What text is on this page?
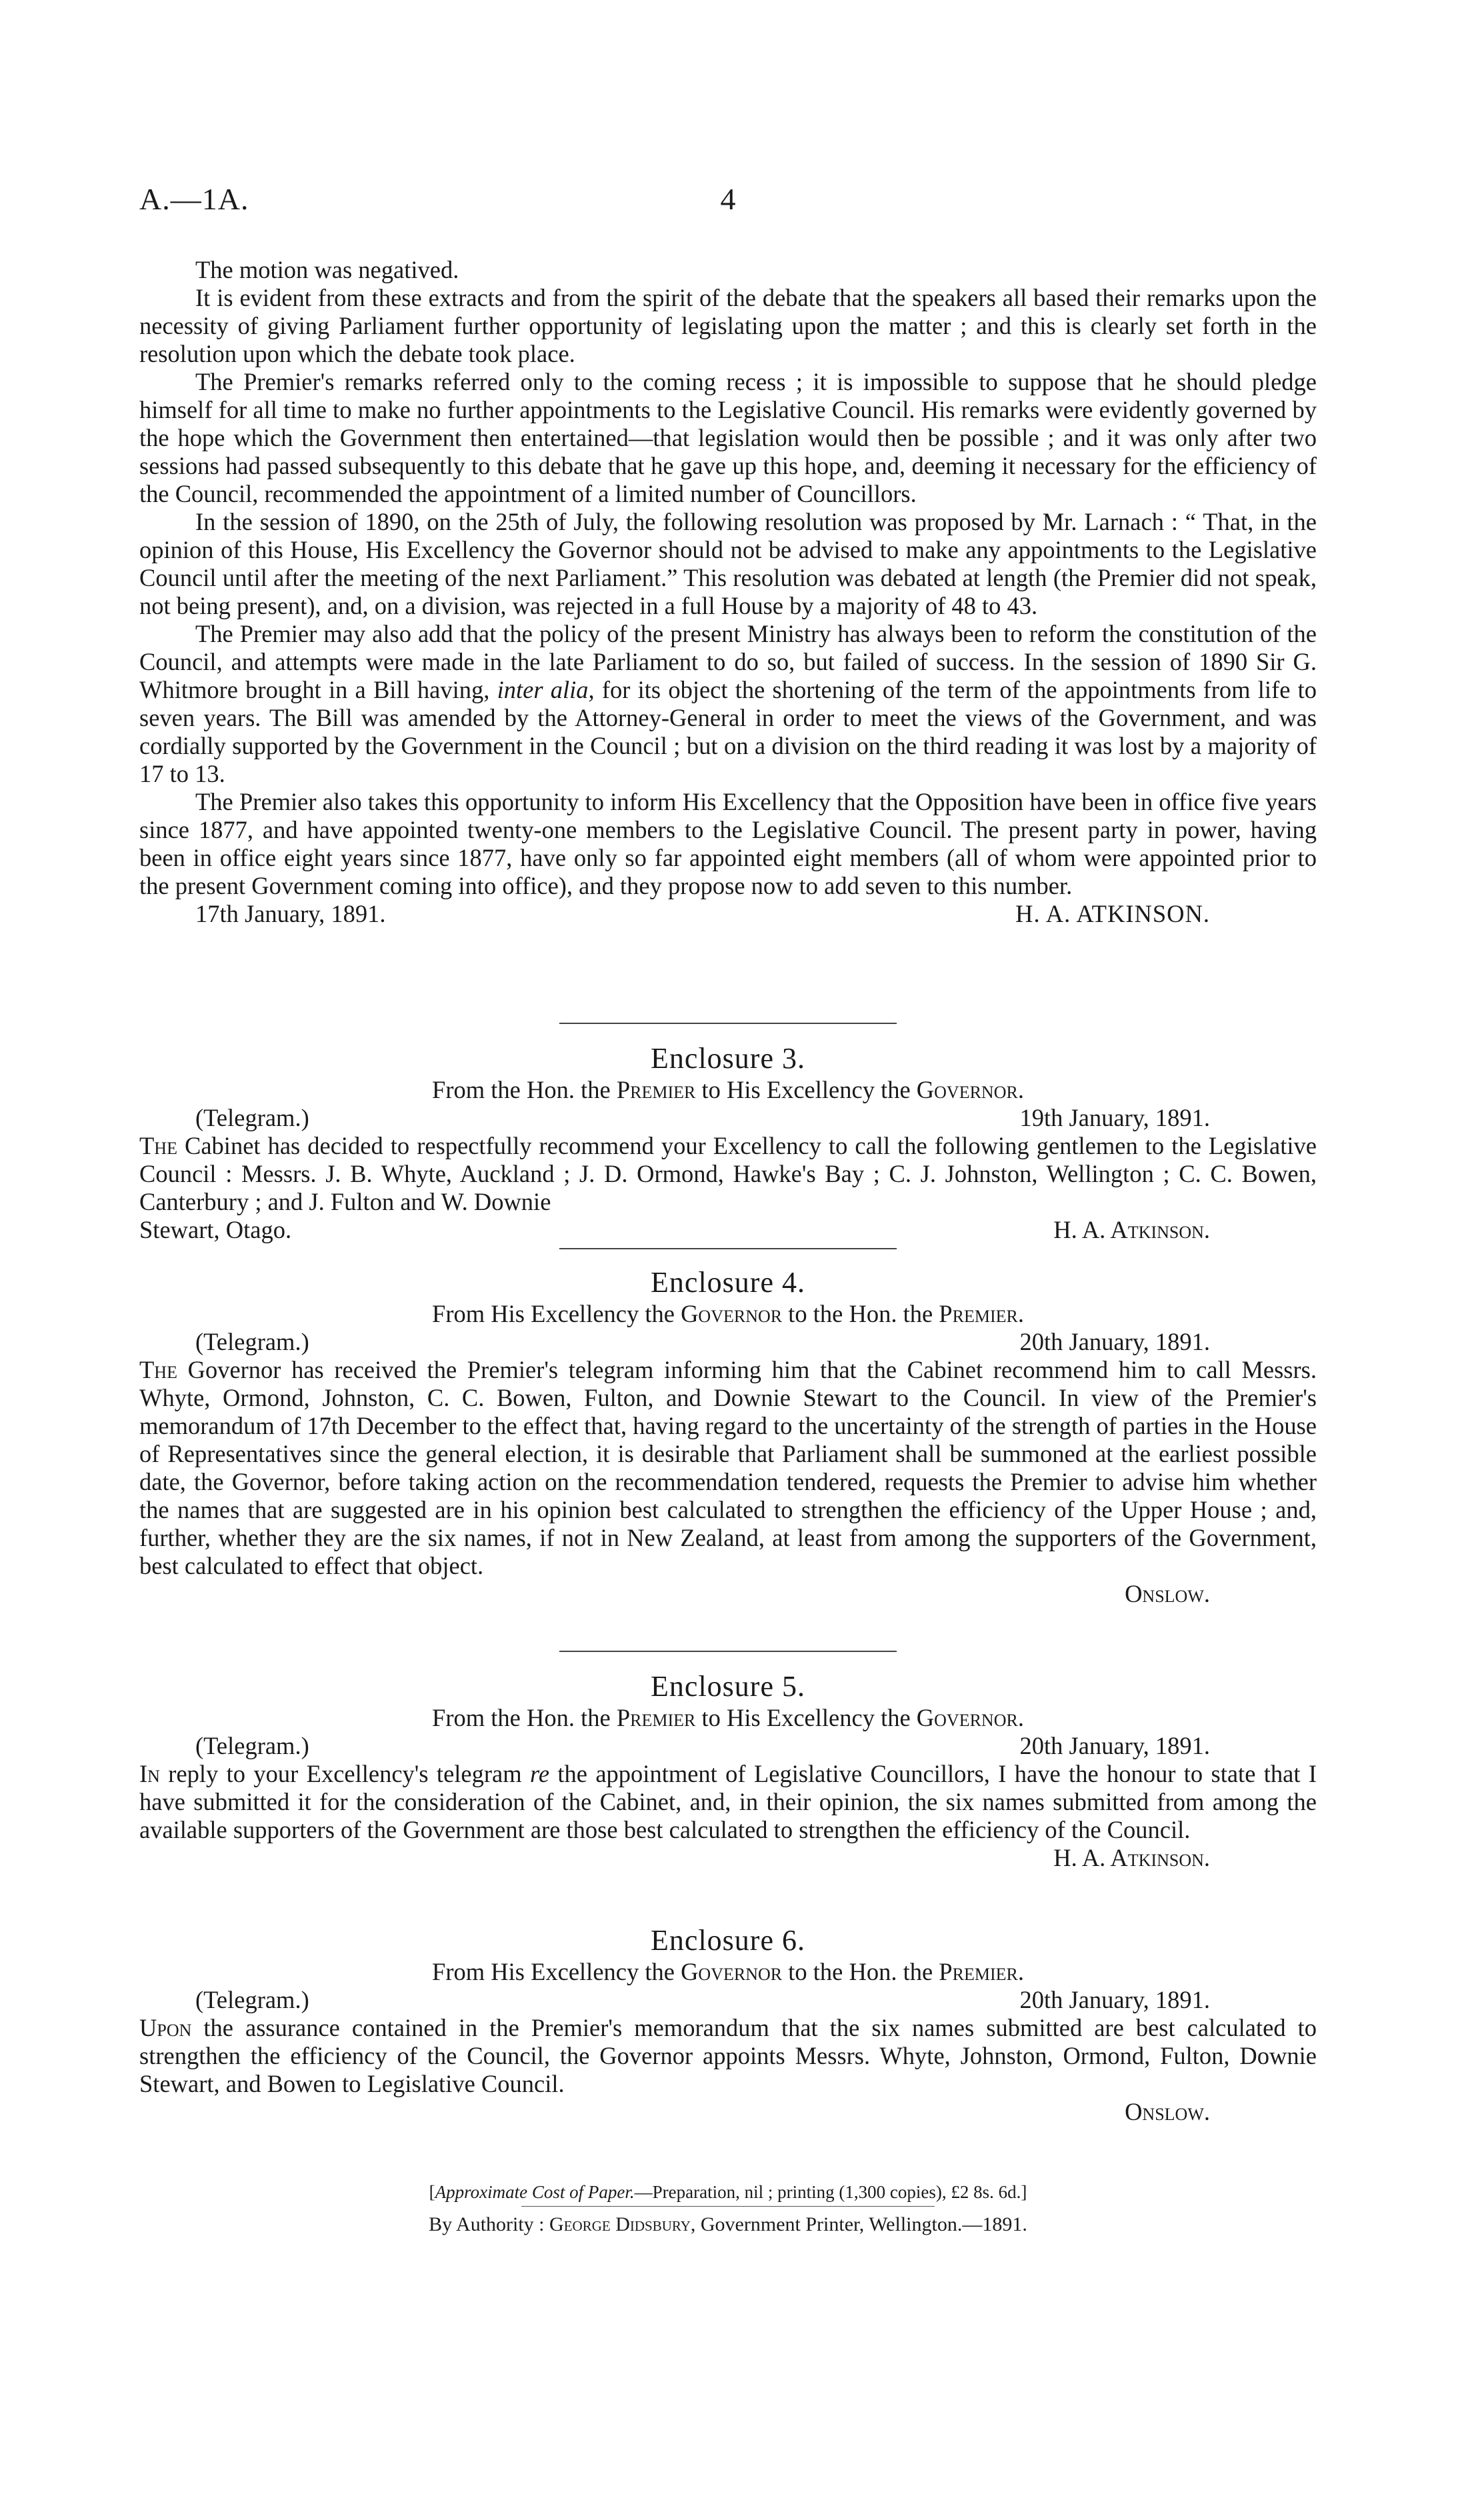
A.—1A.	4

The motion was negatived.

It is evident from these extracts and from the spirit of the debate that the speakers all based their remarks upon the necessity of giving Parliament further opportunity of legislating upon the matter ; and this is clearly set forth in the resolution upon which the debate took place.

The Premier's remarks referred only to the coming recess ; it is impossible to suppose that he should pledge himself for all time to make no further appointments to the Legislative Council. His remarks were evidently governed by the hope which the Government then entertained—that legislation would then be possible ; and it was only after two sessions had passed subsequently to this debate that he gave up this hope, and, deeming it necessary for the efficiency of the Council, recommended the appointment of a limited number of Councillors.

In the session of 1890, on the 25th of July, the following resolution was proposed by Mr. Larnach : “ That, in the opinion of this House, His Excellency the Governor should not be advised to make any appointments to the Legislative Council until after the meeting of the next Parliament.” This resolution was debated at length (the Premier did not speak, not being present), and, on a division, was rejected in a full House by a majority of 48 to 43.

The Premier may also add that the policy of the present Ministry has always been to reform the constitution of the Council, and attempts were made in the late Parliament to do so, but failed of success. In the session of 1890 Sir G. Whitmore brought in a Bill having, inter alia, for its object the shortening of the term of the appointments from life to seven years. The Bill was amended by the Attorney-General in order to meet the views of the Government, and was cordially supported by the Government in the Council ; but on a division on the third reading it was lost by a majority of 17 to 13.

The Premier also takes this opportunity to inform His Excellency that the Opposition have been in office five years since 1877, and have appointed twenty-one members to the Legislative Council. The present party in power, having been in office eight years since 1877, have only so far appointed eight members (all of whom were appointed prior to the present Government coming into office), and they propose now to add seven to this number.

17th January, 1891.	H. A. ATKINSON.
Enclosure 3.
From the Hon. the Premier to His Excellency the Governor.
(Telegram.)	19th January, 1891.

The Cabinet has decided to respectfully recommend your Excellency to call the following gentlemen to the Legislative Council : Messrs. J. B. Whyte, Auckland ; J. D. Ormond, Hawke's Bay ; C. J. Johnston, Wellington ; C. C. Bowen, Canterbury ; and J. Fulton and W. Downie

Stewart, Otago.	H. A. Atkinson.
Enclosure 4.
From His Excellency the Governor to the Hon. the Premier.
(Telegram.)	20th January, 1891.

The Governor has received the Premier's telegram informing him that the Cabinet recommend him to call Messrs. Whyte, Ormond, Johnston, C. C. Bowen, Fulton, and Downie Stewart to the Council. In view of the Premier's memorandum of 17th December to the effect that, having regard to the uncertainty of the strength of parties in the House of Representatives since the general election, it is desirable that Parliament shall be summoned at the earliest possible date, the Governor, before taking action on the recommendation tendered, requests the Premier to advise him whether the names that are suggested are in his opinion best calculated to strengthen the efficiency of the Upper House ; and, further, whether they are the six names, if not in New Zealand, at least from among the supporters of the Government, best calculated to effect that object.

Onslow.
Enclosure 5.
From the Hon. the Premier to His Excellency the Governor.
(Telegram.)	20th January, 1891.

In reply to your Excellency's telegram re the appointment of Legislative Councillors, I have the honour to state that I have submitted it for the consideration of the Cabinet, and, in their opinion, the six names submitted from among the available supporters of the Government are those best calculated to strengthen the efficiency of the Council.

H. A. Atkinson.
Enclosure 6.
From His Excellency the Governor to the Hon. the Premier.
(Telegram.)	20th January, 1891.

Upon the assurance contained in the Premier's memorandum that the six names submitted are best calculated to strengthen the efficiency of the Council, the Governor appoints Messrs. Whyte, Johnston, Ormond, Fulton, Downie Stewart, and Bowen to Legislative Council.

Onslow.
[Approximate Cost of Paper.—Preparation, nil ; printing (1,300 copies), £2 8s. 6d.]
By Authority : George Didsbury, Government Printer, Wellington.—1891.
